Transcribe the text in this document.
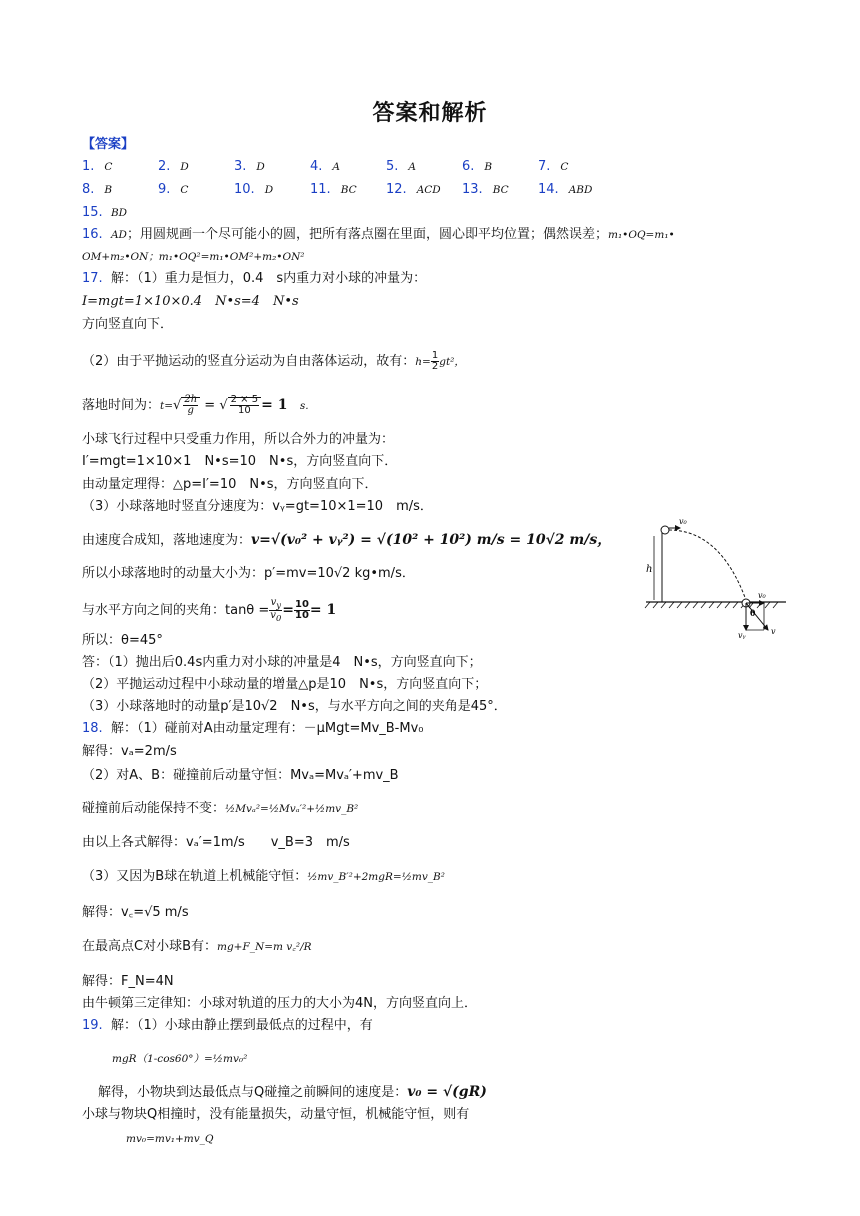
答案和解析
【答案】
1. C	2. D	3. D	4. A	5. A	6. B	7. C
8. B	9. C	10. D	11. BC 12. ACD 13. BC 14. ABD
15. BD
16. AD；用圆规画一个尽可能小的圆，把所有落点圈在里面，圆心即平均位置；偶然误差；m₁•OQ=m₁•
OM+m₂•ON；m₁•OQ²=m₁•OM²+m₂•ON²
17. 解：（1）重力是恒力，0.4　s内重力对小球的冲量为：
I=mgt=1×10×0.4　N•s=4　N•s
方向竖直向下．
（2）由于平抛运动的竖直分运动为自由落体运动，故有：$h= \frac{1}{2} gt^2$，
落地时间为：$t=√ \frac{2h}{g}$ = √ $\frac{2 \times 5}{10} = 1$ s.
小球飞行过程中只受重力作用，所以合外力的冲量为：
I′=mgt=1×10×1　N•s=10　N•s，方向竖直向下．
由动量定理得：△p=I′=10　N•s，方向竖直向下．
（3）小球落地时竖直分速度为：vᵧ=gt=10×1=10　m/s．
由速度合成知，落地速度为：v=√(v₀² + vᵧ²) = √(10² + 10²) m/s = 10√2 m/s，
所以小球落地时的动量大小为：p′=mv=10√2 kg•m/s．
与水平方向之间的夹角：$\tan\theta = \frac{v_y}{v_0} = \frac{10}{10} = 1$
所以：θ=45°
答：（1）抛出后0.4s内重力对小球的冲量是4　N•s，方向竖直向下；
（2）平抛运动过程中小球动量的增量△p是10　N•s，方向竖直向下；
（3）小球落地时的动量p′是10√2　N•s，与水平方向之间的夹角是45°．
v₀
h
v₀
vᵧ	v
θ
18. 解：（1）碰前对A由动量定理有：－μMgt=Mv_B-Mv₀
解得：vₐ=2m/s
（2）对A、B：碰撞前后动量守恒：Mvₐ=Mvₐ′+mv_B
碰撞前后动能保持不变：½Mvₐ²=½Mvₐ′²+½mv_B²
由以上各式解得：vₐ′=1m/s　　v_B=3　m/s
（3）又因为B球在轨道上机械能守恒：½mv_B′²+2mgR=½mv_B²
解得：v꜀=√5 m/s
在最高点C对小球B有：mg+F_N=m v꜀²/R
解得：F_N=4N
由牛顿第三定律知：小球对轨道的压力的大小为4N，方向竖直向上．
19. 解：（1）小球由静止摆到最低点的过程中，有
mgR（1-cos60°）=½mv₀²
解得，小物块到达最低点与Q碰撞之前瞬间的速度是：v₀ = √(gR)
小球与物块Q相撞时，没有能量损失，动量守恒，机械能守恒，则有
mv₀=mv₁+mv_Q
